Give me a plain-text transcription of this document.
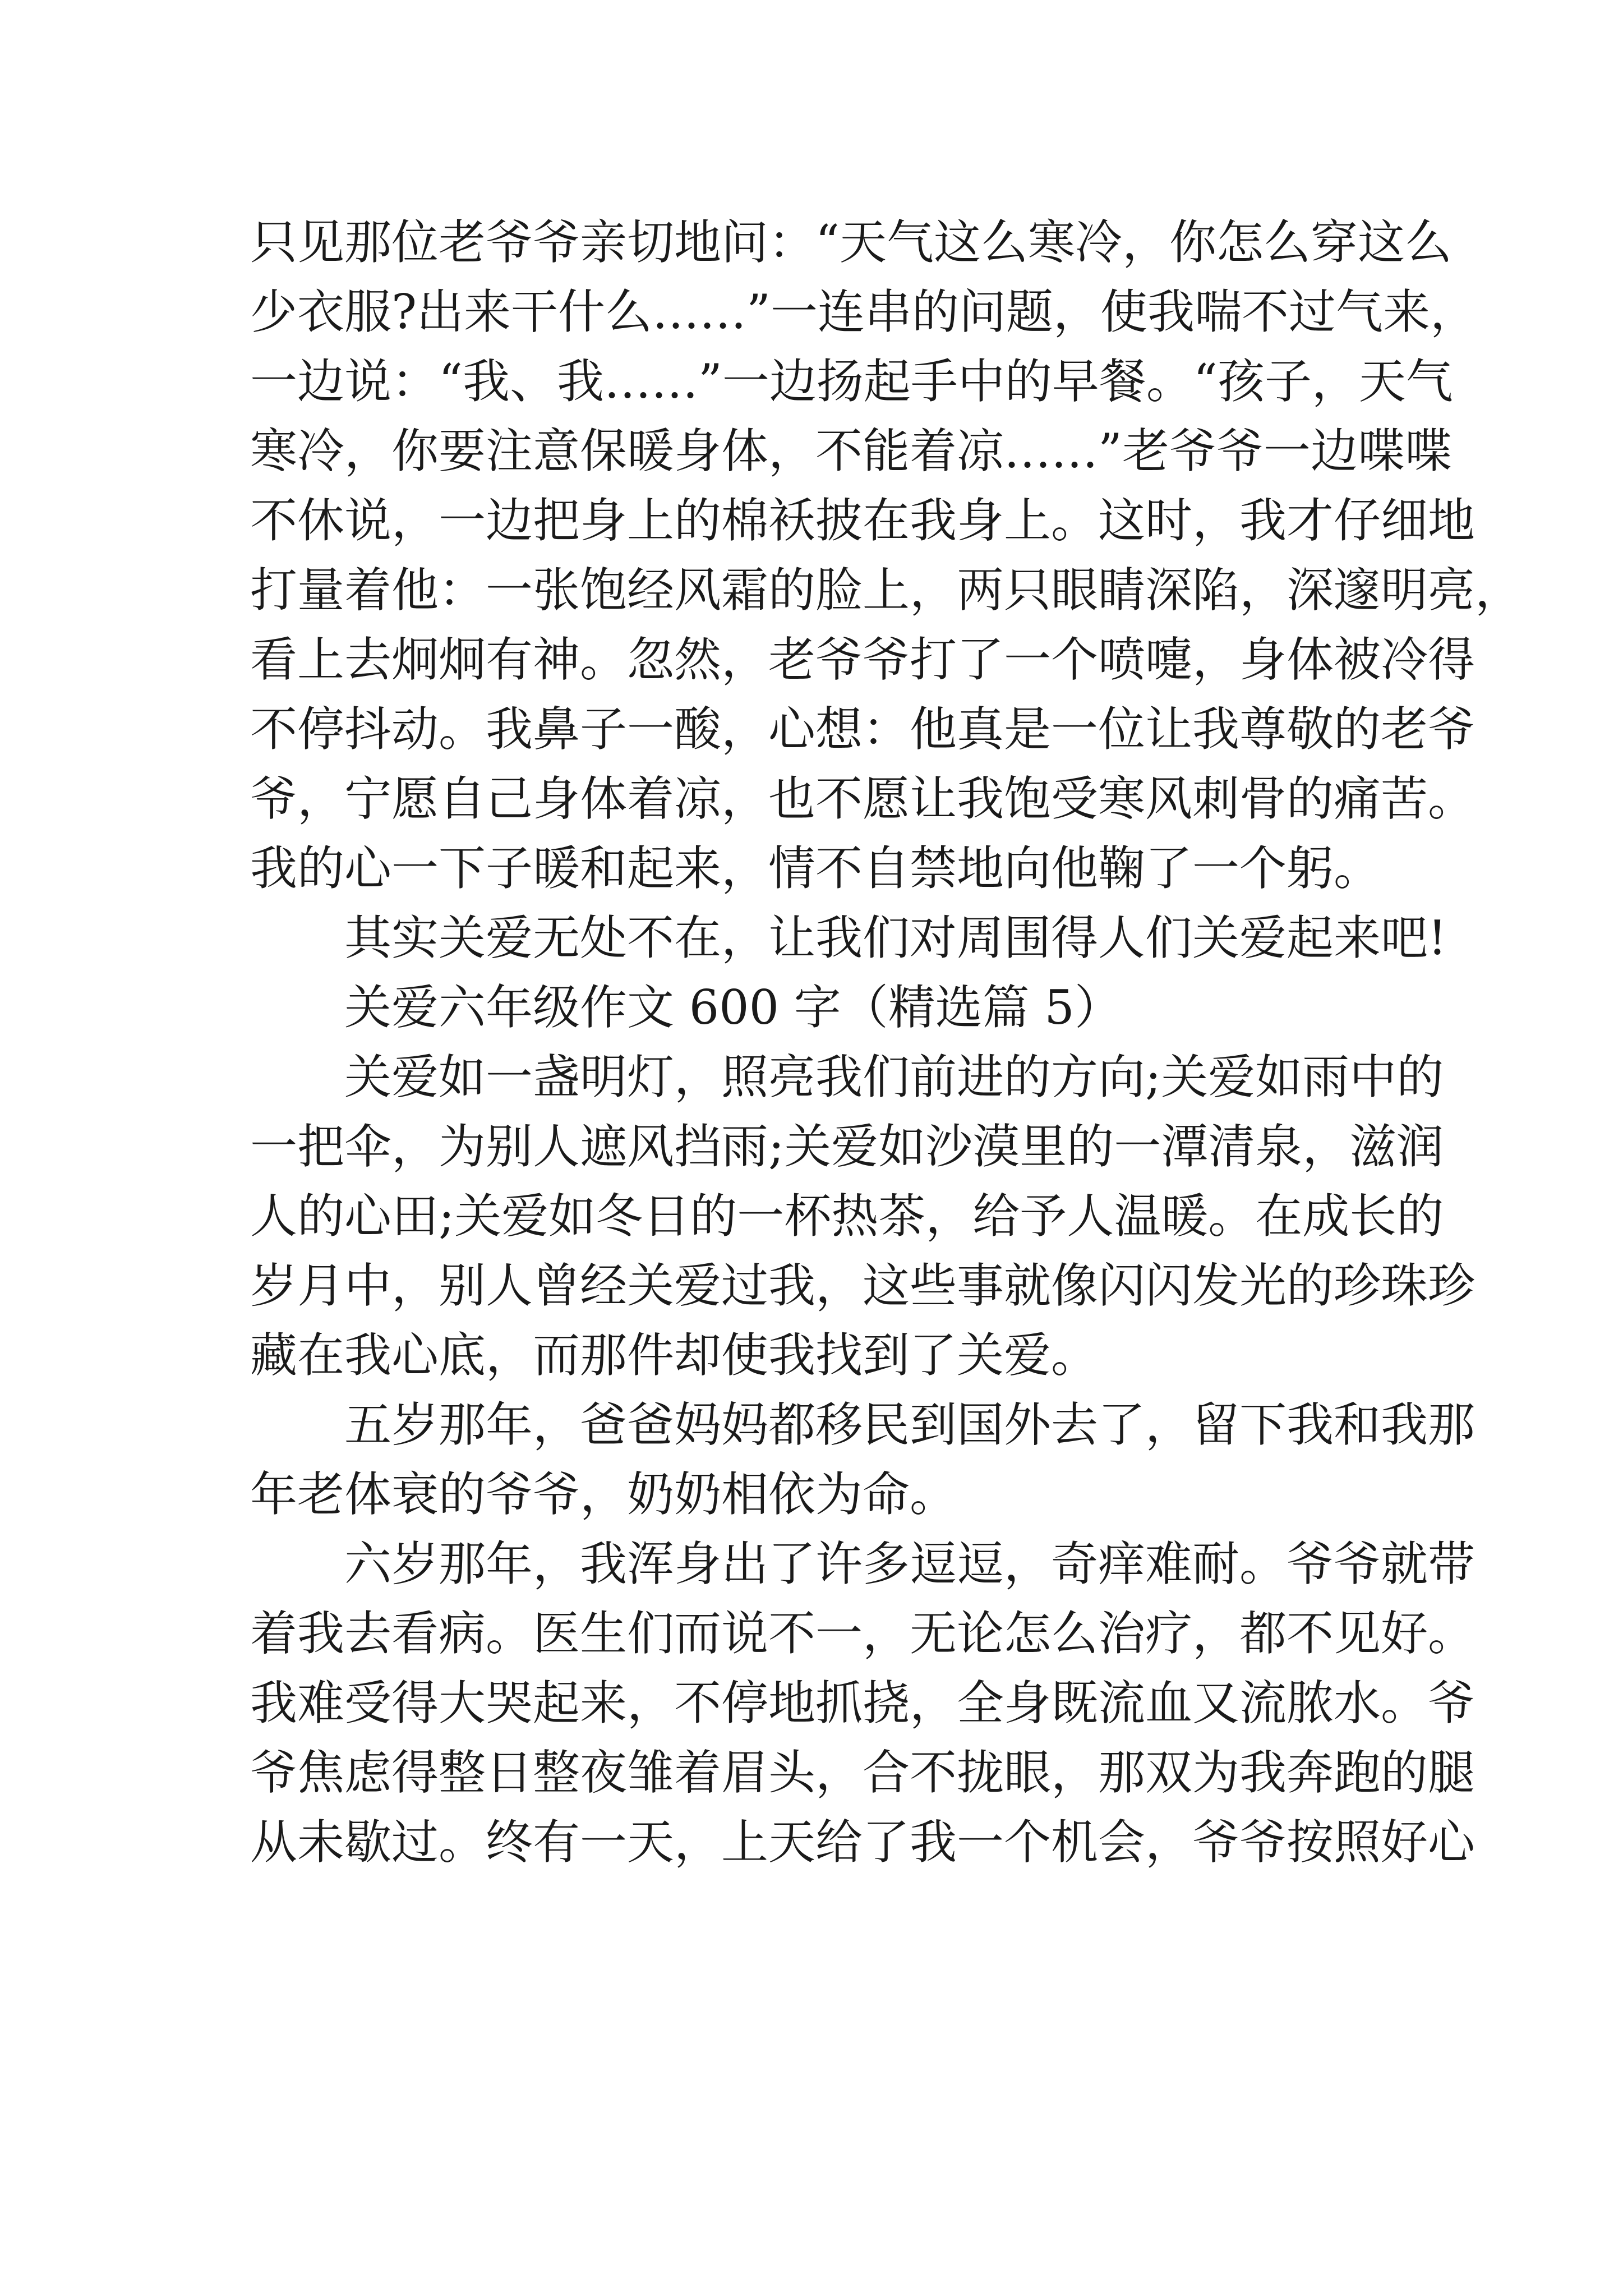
只见那位老爷爷亲切地问：“天气这么寒冷，你怎么穿这么
少衣服?出来干什么……”一连串的问题，使我喘不过气来，
一边说：“我、我……”一边扬起手中的早餐。“孩子，天气
寒冷，你要注意保暖身体，不能着凉……”老爷爷一边喋喋
不休说，一边把身上的棉袄披在我身上。这时，我才仔细地
打量着他：一张饱经风霜的脸上，两只眼睛深陷，深邃明亮，
看上去炯炯有神。忽然，老爷爷打了一个喷嚏，身体被冷得
不停抖动。我鼻子一酸，心想：他真是一位让我尊敬的老爷
爷，宁愿自己身体着凉，也不愿让我饱受寒风刺骨的痛苦。
我的心一下子暖和起来，情不自禁地向他鞠了一个躬。
其实关爱无处不在，让我们对周围得人们关爱起来吧!
关爱六年级作文 600 字（精选篇 5）
关爱如一盏明灯，照亮我们前进的方向;关爱如雨中的
一把伞，为别人遮风挡雨;关爱如沙漠里的一潭清泉，滋润
人的心田;关爱如冬日的一杯热茶，给予人温暖。在成长的
岁月中，别人曾经关爱过我，这些事就像闪闪发光的珍珠珍
藏在我心底，而那件却使我找到了关爱。
五岁那年，爸爸妈妈都移民到国外去了，留下我和我那
年老体衰的爷爷，奶奶相依为命。
六岁那年，我浑身出了许多逗逗，奇痒难耐。爷爷就带
着我去看病。医生们而说不一，无论怎么治疗，都不见好。
我难受得大哭起来，不停地抓挠，全身既流血又流脓水。爷
爷焦虑得整日整夜雏着眉头，合不拢眼，那双为我奔跑的腿
从未歇过。终有一天，上天给了我一个机会，爷爷按照好心
